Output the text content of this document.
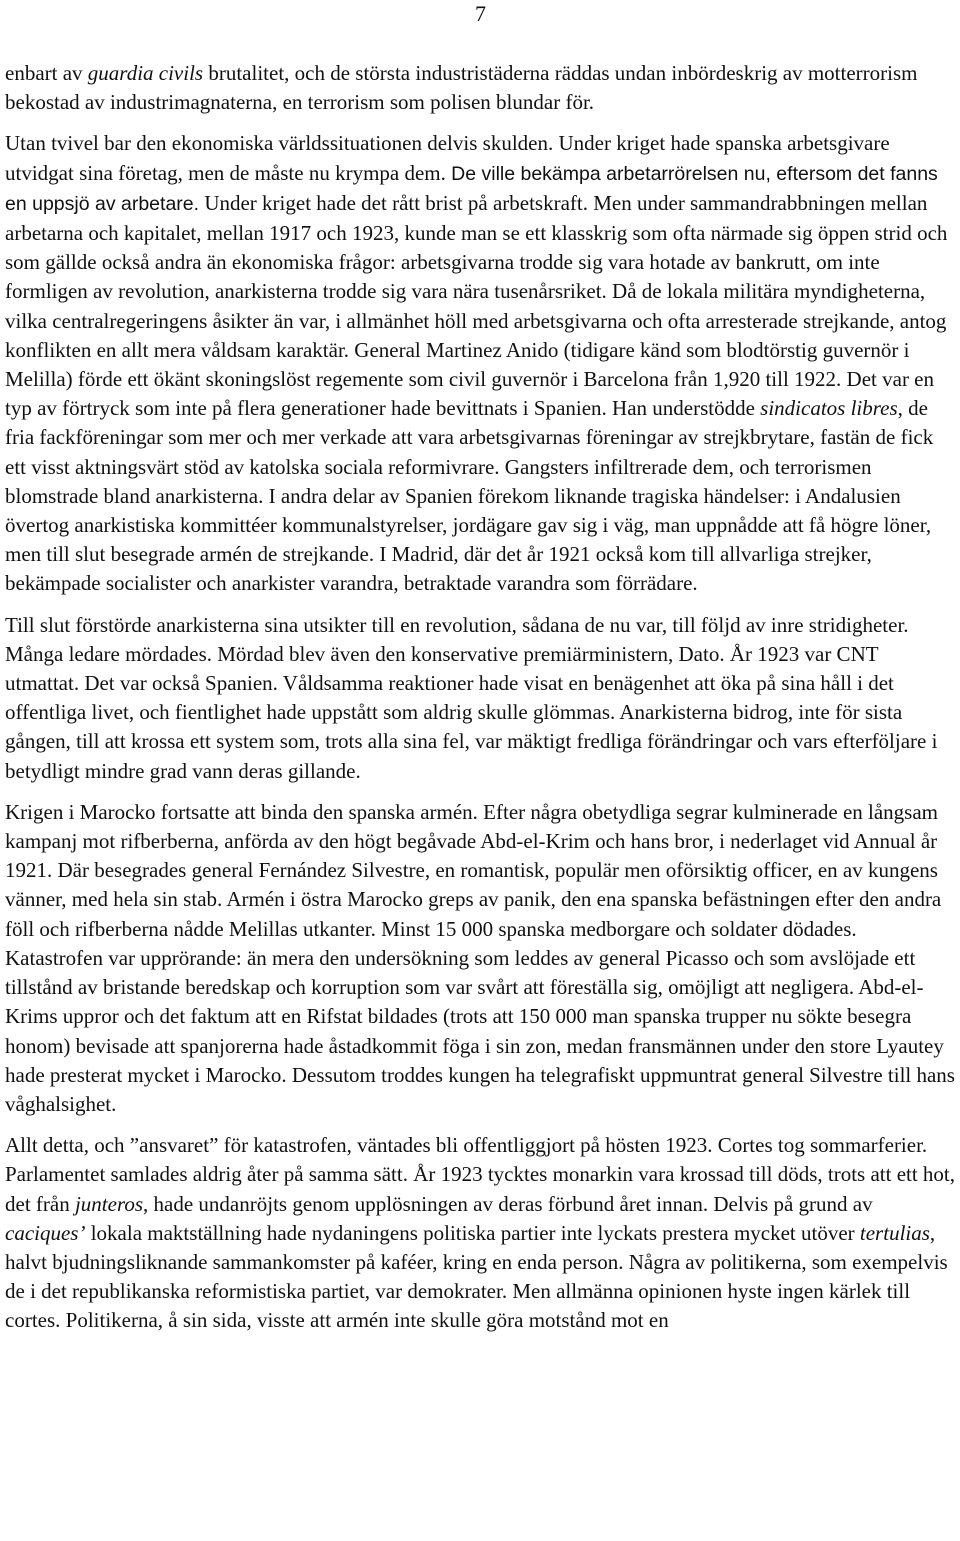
7

enbart av guardia civils brutalitet, och de största industristäderna räddas undan inbördeskrig av motterrorism bekostad av industrimagnaterna, en terrorism som polisen blundar för.

Utan tvivel bar den ekonomiska världssituationen delvis skulden. Under kriget hade spanska arbetsgivare utvidgat sina företag, men de måste nu krympa dem. De ville bekämpa arbetarrörelsen nu, eftersom det fanns en uppsjö av arbetare. Under kriget hade det rått brist på arbetskraft. Men under sammandrabbningen mellan arbetarna och kapitalet, mellan 1917 och 1923, kunde man se ett klasskrig som ofta närmade sig öppen strid och som gällde också andra än ekonomiska frågor: arbetsgivarna trodde sig vara hotade av bankrutt, om inte formligen av revolution, anarkisterna trodde sig vara nära tusenårsriket. Då de lokala militära myndigheterna, vilka centralregeringens åsikter än var, i allmänhet höll med arbetsgivarna och ofta arresterade strejkande, antog konflikten en allt mera våldsam karaktär. General Martinez Anido (tidigare känd som blodtörstig guvernör i Melilla) förde ett ökänt skoningslöst regemente som civil guvernör i Barcelona från 1,920 till 1922. Det var en typ av förtryck som inte på flera generationer hade bevittnats i Spanien. Han understödde sindicatos libres, de fria fackföreningar som mer och mer verkade att vara arbetsgivarnas föreningar av strejkbrytare, fastän de fick ett visst aktningsvärt stöd av katolska sociala reformivrare. Gangsters infiltrerade dem, och terrorismen blomstrade bland anarkisterna. I andra delar av Spanien förekom liknande tragiska händelser: i Andalusien övertog anarkistiska kommittéer kommunalstyrelser, jordägare gav sig i väg, man uppnådde att få högre löner, men till slut besegrade armén de strejkande. I Madrid, där det år 1921 också kom till allvarliga strejker, bekämpade socialister och anarkister varandra, betraktade varandra som förrädare.

Till slut förstörde anarkisterna sina utsikter till en revolution, sådana de nu var, till följd av inre stridigheter. Många ledare mördades. Mördad blev även den konservative premiärministern, Dato. År 1923 var CNT utmattat. Det var också Spanien. Våldsamma reaktioner hade visat en benägenhet att öka på sina håll i det offentliga livet, och fientlighet hade uppstått som aldrig skulle glömmas. Anarkisterna bidrog, inte för sista gången, till att krossa ett system som, trots alla sina fel, var mäktigt fredliga förändringar och vars efterföljare i betydligt mindre grad vann deras gillande.

Krigen i Marocko fortsatte att binda den spanska armén. Efter några obetydliga segrar kulminerade en långsam kampanj mot rifberberna, anförda av den högt begåvade Abd-el-Krim och hans bror, i nederlaget vid Annual år 1921. Där besegrades general Fernández Silvestre, en romantisk, populär men oförsiktig officer, en av kungens vänner, med hela sin stab. Armén i östra Marocko greps av panik, den ena spanska befästningen efter den andra föll och rifberberna nådde Melillas utkanter. Minst 15 000 spanska medborgare och soldater dödades. Katastrofen var upprörande: än mera den undersökning som leddes av general Picasso och som avslöjade ett tillstånd av bristande beredskap och korruption som var svårt att föreställa sig, omöjligt att negligera. Abd-el-Krims uppror och det faktum att en Rifstat bildades (trots att 150 000 man spanska trupper nu sökte besegra honom) bevisade att spanjorerna hade åstadkommit föga i sin zon, medan fransmännen under den store Lyautey hade presterat mycket i Marocko. Dessutom troddes kungen ha telegrafiskt uppmuntrat general Silvestre till hans våghalsighet.

Allt detta, och ”ansvaret” för katastrofen, väntades bli offentliggjort på hösten 1923. Cortes tog sommarferier. Parlamentet samlades aldrig åter på samma sätt. År 1923 tycktes monarkin vara krossad till döds, trots att ett hot, det från junteros, hade undanröjts genom upplösningen av deras förbund året innan. Delvis på grund av caciques’ lokala maktställning hade nydaningens politiska partier inte lyckats prestera mycket utöver tertulias, halvt bjudningsliknande sammankomster på kaféer, kring en enda person. Några av politikerna, som exempelvis de i det republikanska reformistiska partiet, var demokrater. Men allmänna opinionen hyste ingen kärlek till cortes. Politikerna, å sin sida, visste att armén inte skulle göra motstånd mot en
